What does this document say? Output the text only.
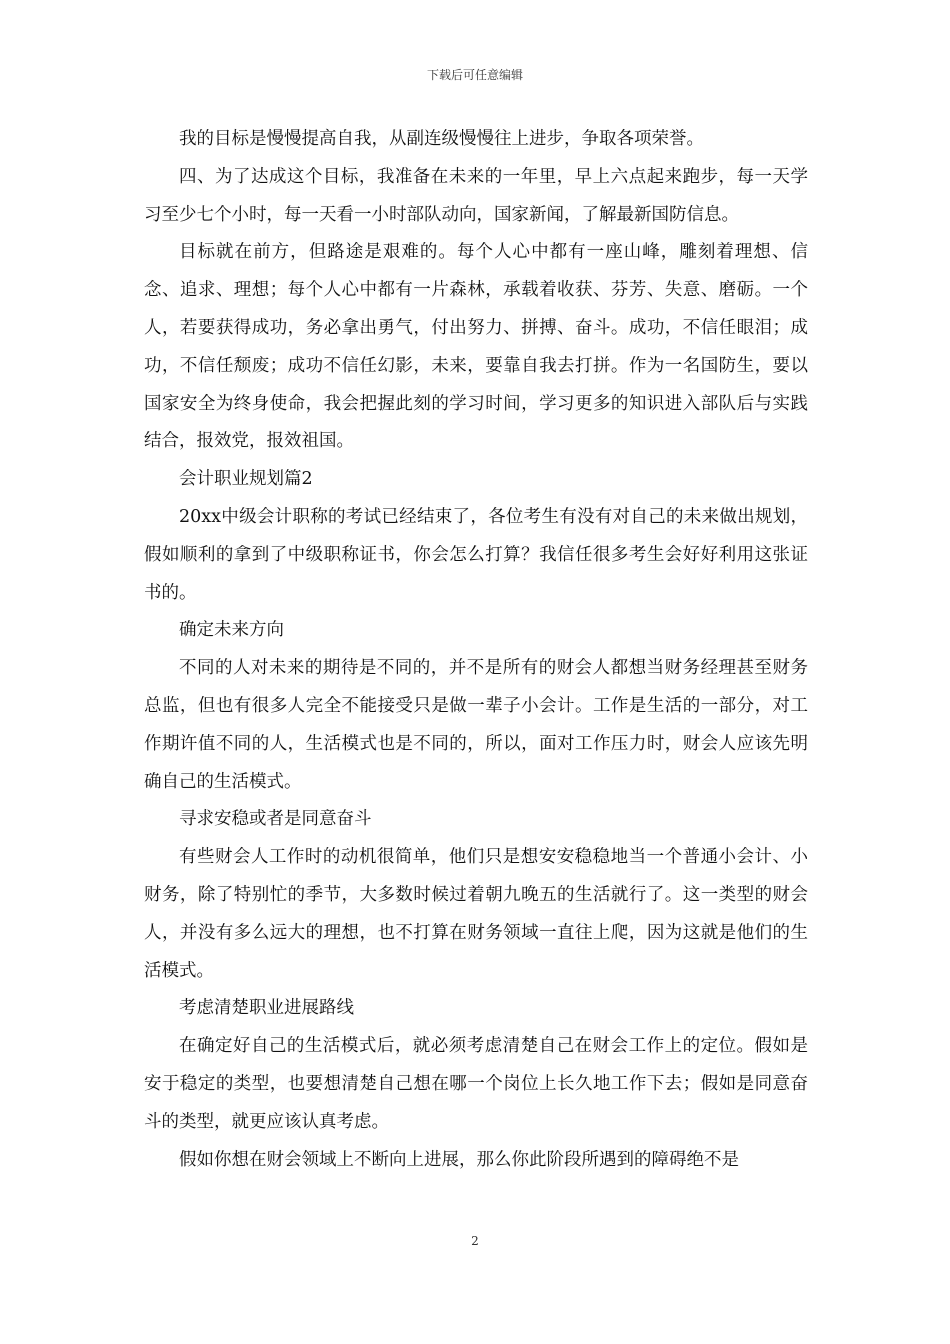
下载后可任意编辑

我的目标是慢慢提高自我，从副连级慢慢往上进步，争取各项荣誉。

四、为了达成这个目标，我准备在未来的一年里，早上六点起来跑步，每一天学习至少七个小时，每一天看一小时部队动向，国家新闻，了解最新国防信息。

目标就在前方，但路途是艰难的。每个人心中都有一座山峰，雕刻着理想、信念、追求、理想；每个人心中都有一片森林，承载着收获、芬芳、失意、磨砺。一个人，若要获得成功，务必拿出勇气，付出努力、拼搏、奋斗。成功，不信任眼泪；成功，不信任颓废；成功不信任幻影，未来，要靠自我去打拼。作为一名国防生，要以国家安全为终身使命，我会把握此刻的学习时间，学习更多的知识进入部队后与实践结合，报效党，报效祖国。

会计职业规划篇2

20xx中级会计职称的考试已经结束了，各位考生有没有对自己的未来做出规划，假如顺利的拿到了中级职称证书，你会怎么打算？我信任很多考生会好好利用这张证书的。

确定未来方向

不同的人对未来的期待是不同的，并不是所有的财会人都想当财务经理甚至财务总监，但也有很多人完全不能接受只是做一辈子小会计。工作是生活的一部分，对工作期许值不同的人，生活模式也是不同的，所以，面对工作压力时，财会人应该先明确自己的生活模式。

寻求安稳或者是同意奋斗

有些财会人工作时的动机很简单，他们只是想安安稳稳地当一个普通小会计、小财务，除了特别忙的季节，大多数时候过着朝九晚五的生活就行了。这一类型的财会人，并没有多么远大的理想，也不打算在财务领域一直往上爬，因为这就是他们的生活模式。

考虑清楚职业进展路线

在确定好自己的生活模式后，就必须考虑清楚自己在财会工作上的定位。假如是安于稳定的类型，也要想清楚自己想在哪一个岗位上长久地工作下去；假如是同意奋斗的类型，就更应该认真考虑。

假如你想在财会领域上不断向上进展，那么你此阶段所遇到的障碍绝不是

2
